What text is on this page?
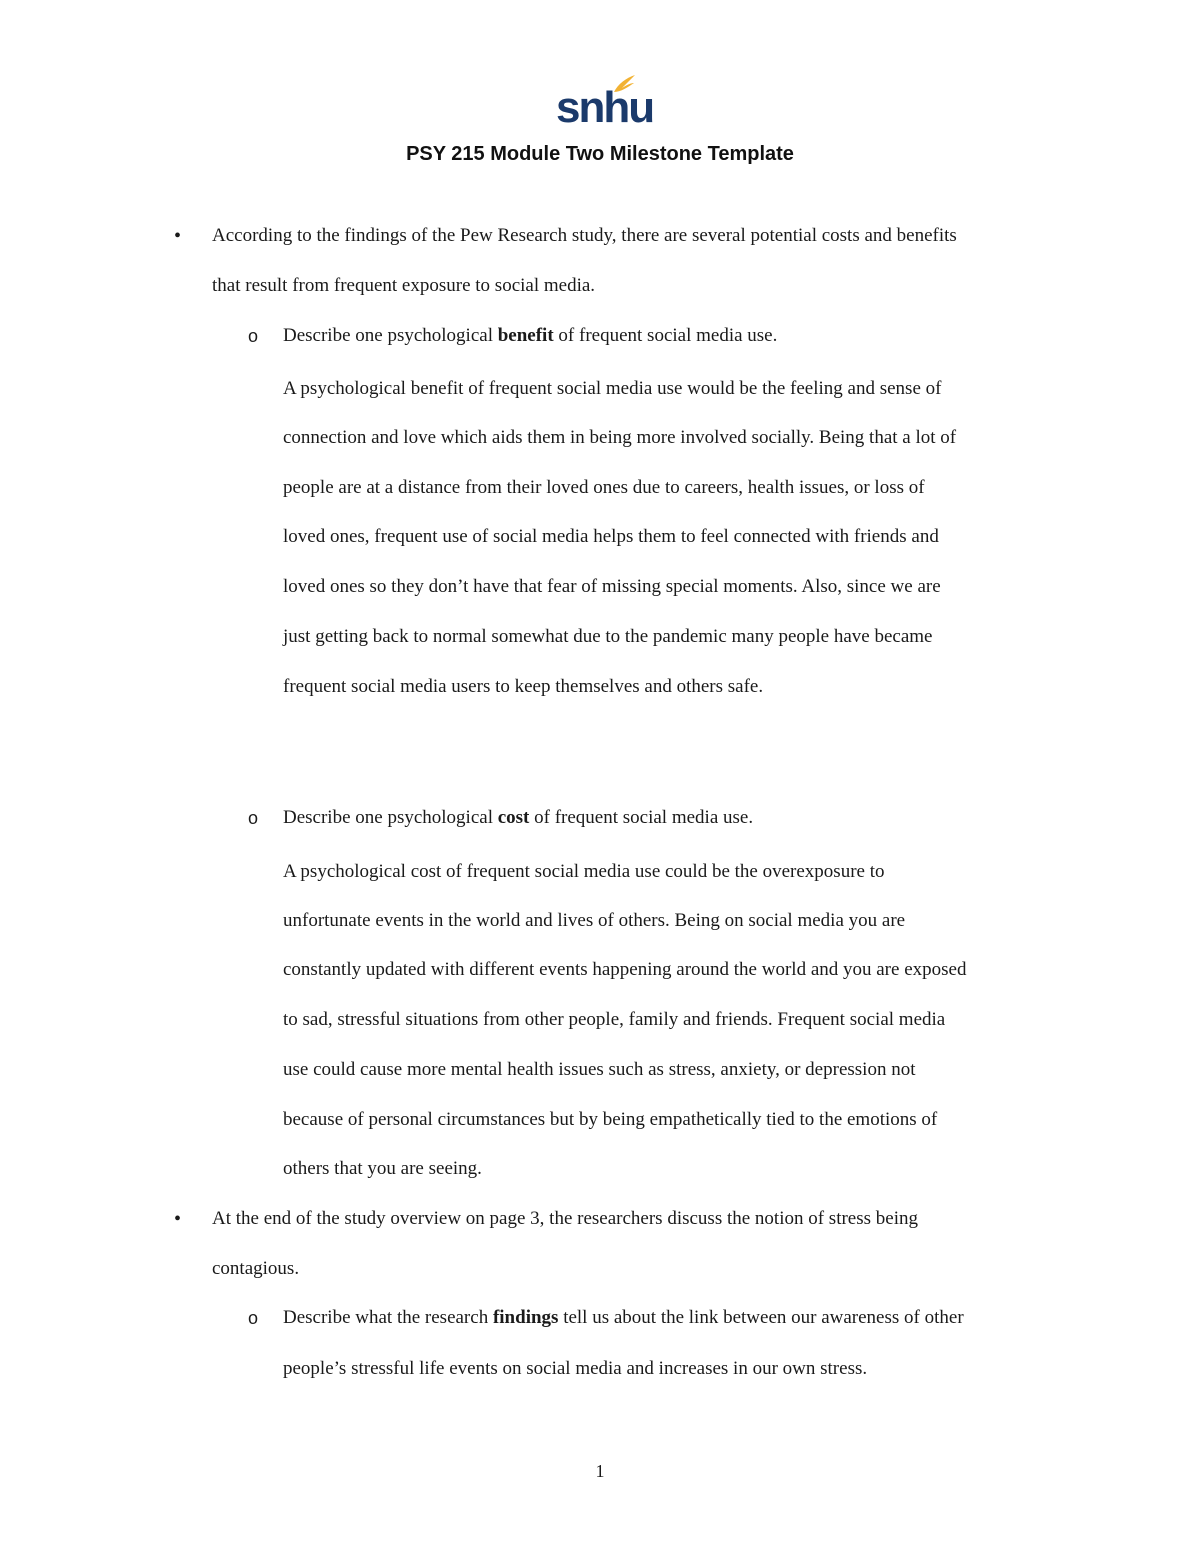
snhu
PSY 215 Module Two Milestone Template
• According to the findings of the Pew Research study, there are several potential costs and benefits
that result from frequent exposure to social media.
o Describe one psychological benefit of frequent social media use.
A psychological benefit of frequent social media use would be the feeling and sense of
connection and love which aids them in being more involved socially. Being that a lot of
people are at a distance from their loved ones due to careers, health issues, or loss of
loved ones, frequent use of social media helps them to feel connected with friends and
loved ones so they don’t have that fear of missing special moments. Also, since we are
just getting back to normal somewhat due to the pandemic many people have became
frequent social media users to keep themselves and others safe.
o Describe one psychological cost of frequent social media use.
A psychological cost of frequent social media use could be the overexposure to
unfortunate events in the world and lives of others. Being on social media you are
constantly updated with different events happening around the world and you are exposed
to sad, stressful situations from other people, family and friends. Frequent social media
use could cause more mental health issues such as stress, anxiety, or depression not
because of personal circumstances but by being empathetically tied to the emotions of
others that you are seeing.
• At the end of the study overview on page 3, the researchers discuss the notion of stress being
contagious.
o Describe what the research findings tell us about the link between our awareness of other
people’s stressful life events on social media and increases in our own stress.
1
